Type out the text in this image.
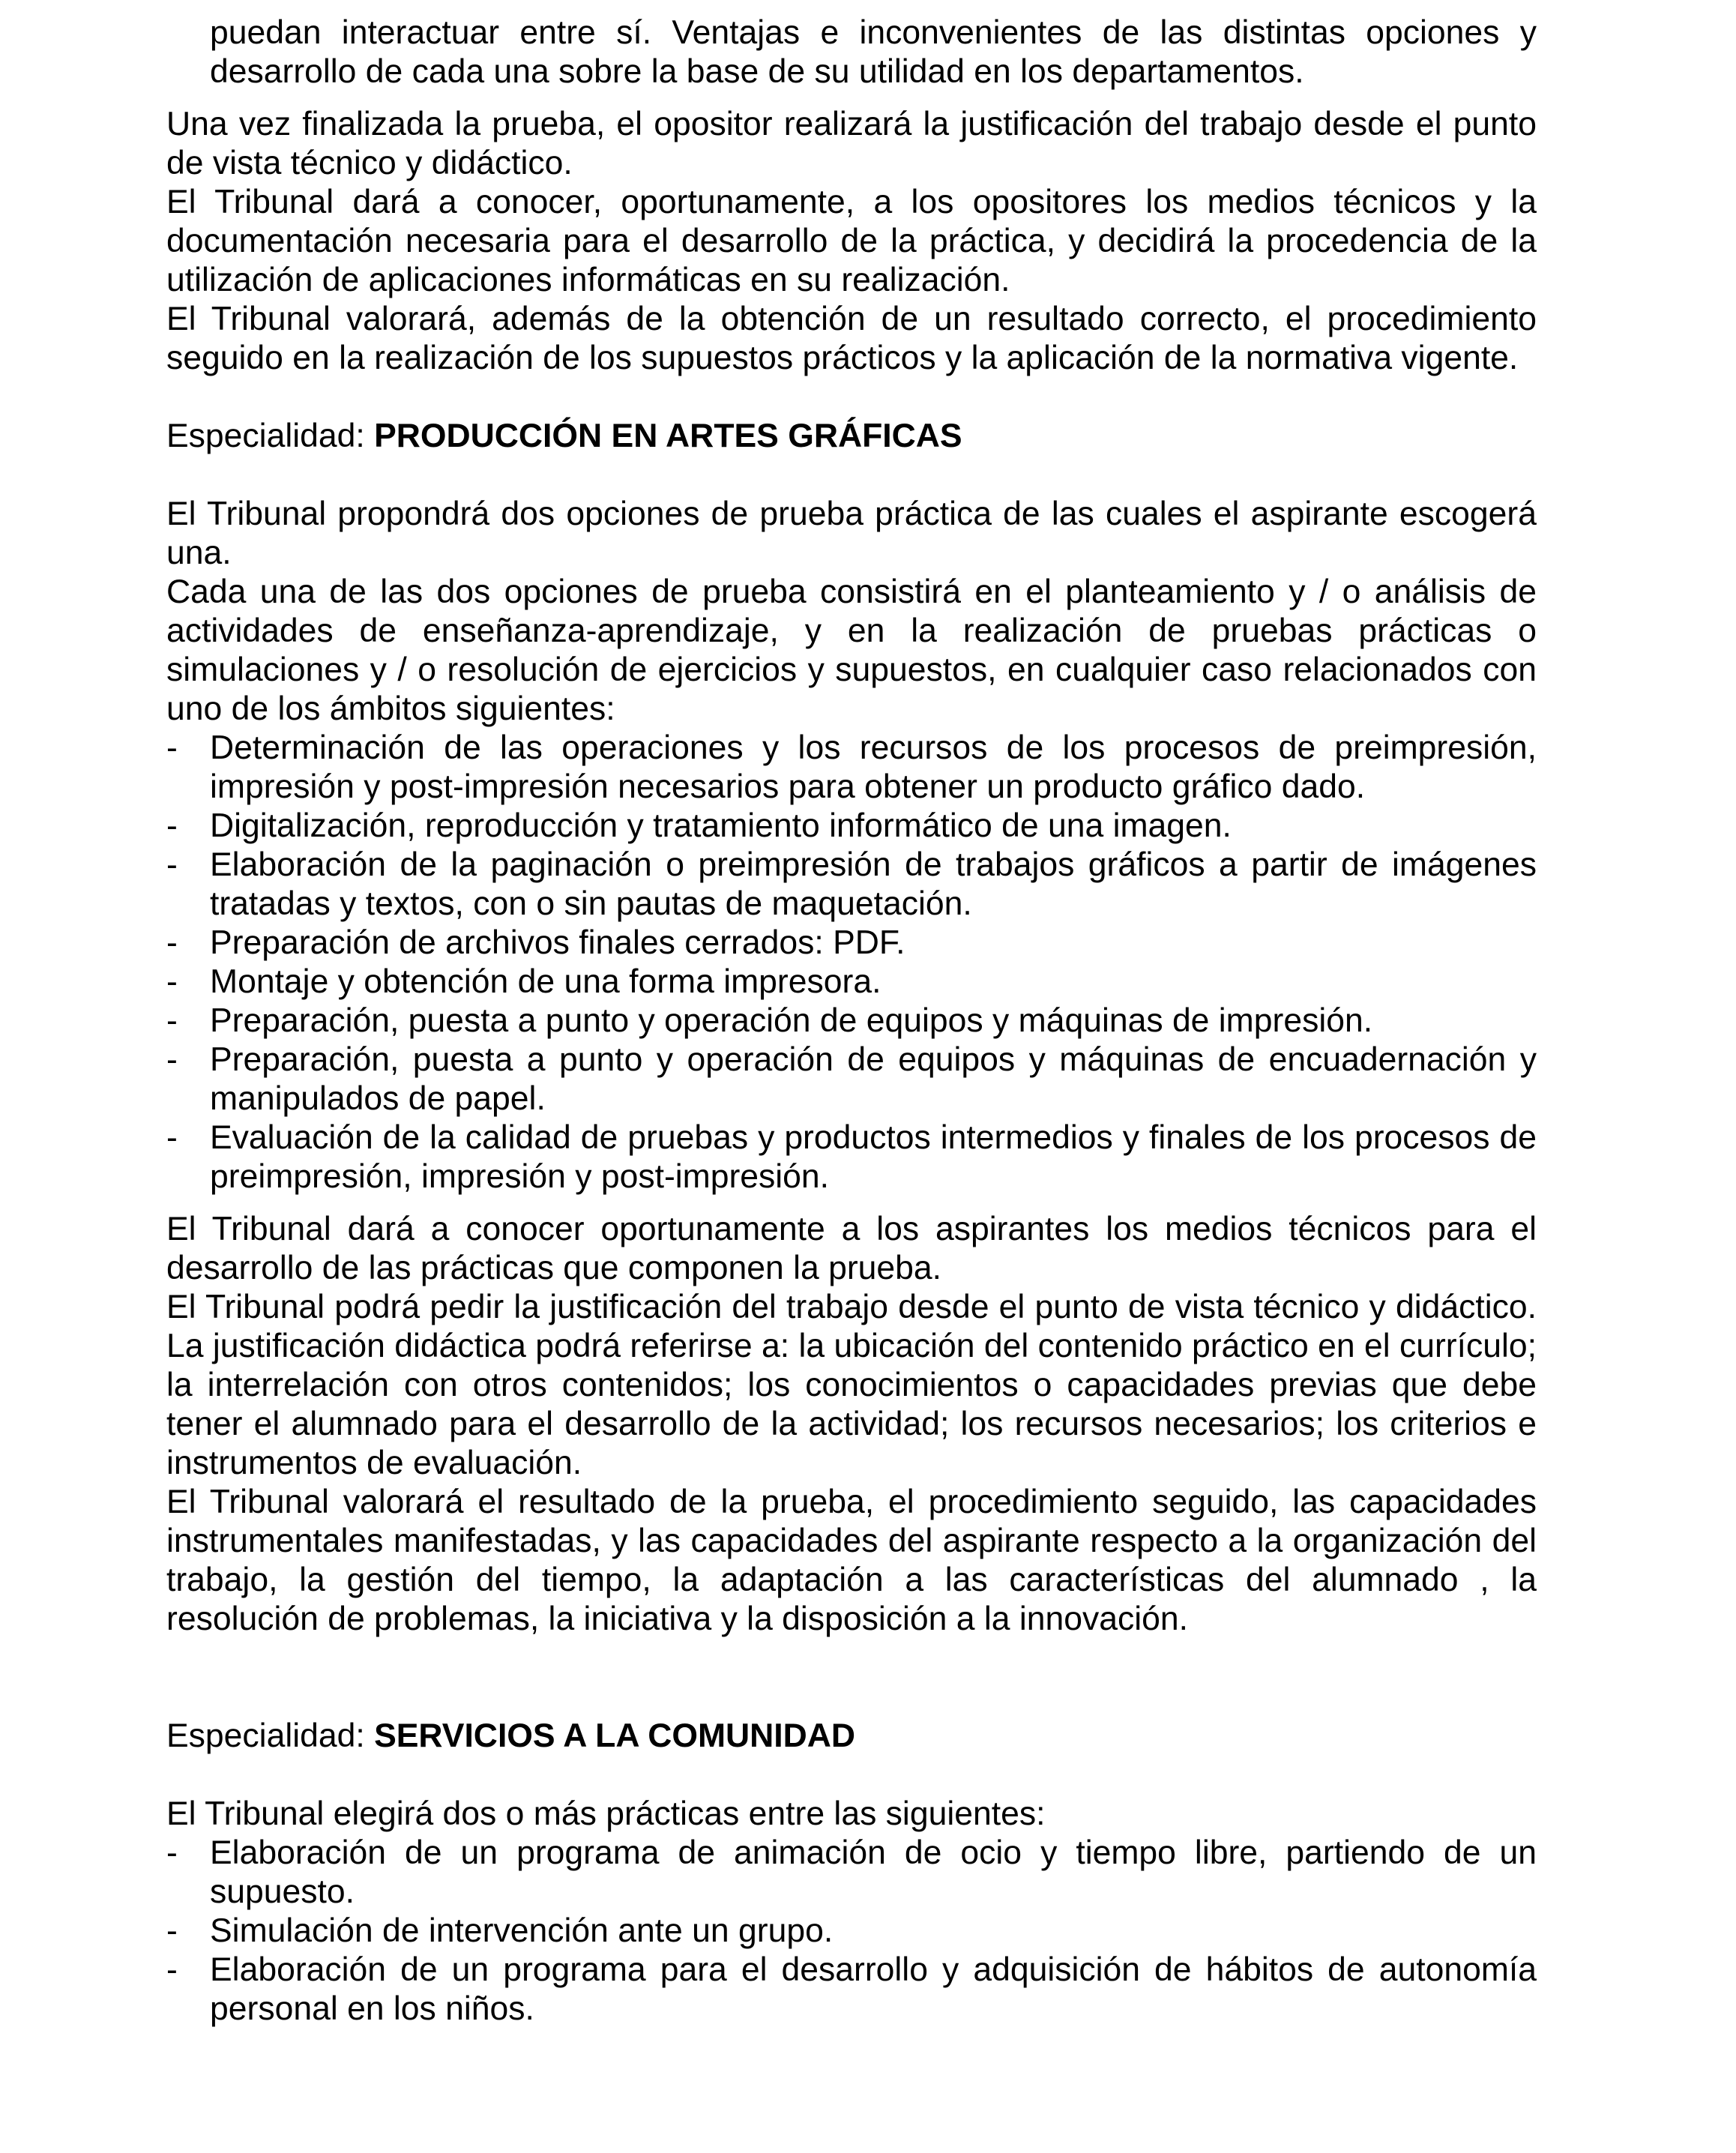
puedan interactuar entre sí. Ventajas e inconvenientes de las distintas opciones y desarrollo de cada una sobre la base de su utilidad en los departamentos.

Una vez finalizada la prueba, el opositor realizará la justificación del trabajo desde el punto de vista técnico y didáctico.

El Tribunal dará a conocer, oportunamente, a los opositores los medios técnicos y la documentación necesaria para el desarrollo de la práctica, y decidirá la procedencia de la utilización de aplicaciones informáticas en su realización.

El Tribunal valorará, además de la obtención de un resultado correcto, el procedimiento seguido en la realización de los supuestos prácticos y la aplicación de la normativa vigente.

Especialidad: PRODUCCIÓN EN ARTES GRÁFICAS

El Tribunal propondrá dos opciones de prueba práctica de las cuales el aspirante escogerá una.

Cada una de las dos opciones de prueba consistirá en el planteamiento y / o análisis de actividades de enseñanza-aprendizaje, y en la realización de pruebas prácticas o simulaciones y / o resolución de ejercicios y supuestos, en cualquier caso relacionados con uno de los ámbitos siguientes:

- Determinación de las operaciones y los recursos de los procesos de preimpresión, impresión y post-impresión necesarios para obtener un producto gráfico dado.
- Digitalización, reproducción y tratamiento informático de una imagen.
- Elaboración de la paginación o preimpresión de trabajos gráficos a partir de imágenes tratadas y textos, con o sin pautas de maquetación.
- Preparación de archivos finales cerrados: PDF.
- Montaje y obtención de una forma impresora.
- Preparación, puesta a punto y operación de equipos y máquinas de impresión.
- Preparación, puesta a punto y operación de equipos y máquinas de encuadernación y manipulados de papel.
- Evaluación de la calidad de pruebas y productos intermedios y finales de los procesos de preimpresión, impresión y post-impresión.

El Tribunal dará a conocer oportunamente a los aspirantes los medios técnicos para el desarrollo de las prácticas que componen la prueba.

El Tribunal podrá pedir la justificación del trabajo desde el punto de vista técnico y didáctico. La justificación didáctica podrá referirse a: la ubicación del contenido práctico en el currículo; la interrelación con otros contenidos; los conocimientos o capacidades previas que debe tener el alumnado para el desarrollo de la actividad; los recursos necesarios; los criterios e instrumentos de evaluación.

El Tribunal valorará el resultado de la prueba, el procedimiento seguido, las capacidades instrumentales manifestadas, y las capacidades del aspirante respecto a la organización del trabajo, la gestión del tiempo, la adaptación a las características del alumnado , la resolución de problemas, la iniciativa y la disposición a la innovación.

Especialidad: SERVICIOS A LA COMUNIDAD

El Tribunal elegirá dos o más prácticas entre las siguientes:

- Elaboración de un programa de animación de ocio y tiempo libre, partiendo de un supuesto.
- Simulación de intervención ante un grupo.
- Elaboración de un programa para el desarrollo y adquisición de hábitos de autonomía personal en los niños.
